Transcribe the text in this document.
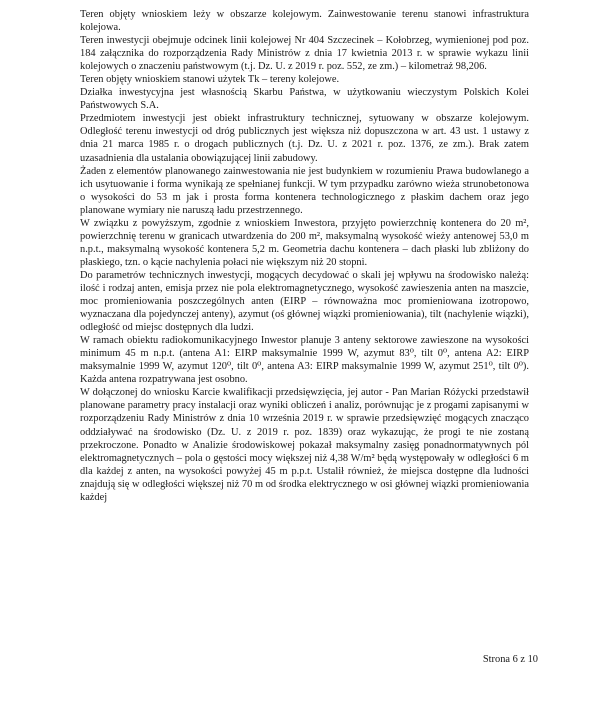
Teren objęty wnioskiem leży w obszarze kolejowym. Zainwestowanie terenu stanowi infrastruktura kolejowa.

Teren inwestycji obejmuje odcinek linii kolejowej Nr 404 Szczecinek – Kołobrzeg, wymienionej pod poz. 184 załącznika do rozporządzenia Rady Ministrów z dnia 17 kwietnia 2013 r. w sprawie wykazu linii kolejowych o znaczeniu państwowym (t.j. Dz. U. z 2019 r. poz. 552, ze zm.) – kilometraż 98,206.

Teren objęty wnioskiem stanowi użytek Tk – tereny kolejowe.

Działka inwestycyjna jest własnością Skarbu Państwa, w użytkowaniu wieczystym Polskich Kolei Państwowych S.A.

Przedmiotem inwestycji jest obiekt infrastruktury technicznej, sytuowany w obszarze kolejowym. Odległość terenu inwestycji od dróg publicznych jest większa niż dopuszczona w art. 43 ust. 1 ustawy z dnia 21 marca 1985 r. o drogach publicznych (t.j. Dz. U. z 2021 r. poz. 1376, ze zm.). Brak zatem uzasadnienia dla ustalania obowiązującej linii zabudowy.

Żaden z elementów planowanego zainwestowania nie jest budynkiem w rozumieniu Prawa budowlanego a ich usytuowanie i forma wynikają ze spełnianej funkcji. W tym przypadku zarówno wieża strunobetonowa o wysokości do 53 m jak i prosta forma kontenera technologicznego z płaskim dachem oraz jego planowane wymiary nie naruszą ładu przestrzennego.

W związku z powyższym, zgodnie z wnioskiem Inwestora, przyjęto powierzchnię kontenera do 20 m², powierzchnię terenu w granicach utwardzenia do 200 m², maksymalną wysokość wieży antenowej 53,0 m n.p.t., maksymalną wysokość kontenera 5,2 m. Geometria dachu kontenera – dach płaski lub zbliżony do płaskiego, tzn. o kącie nachylenia połaci nie większym niż 20 stopni.

Do parametrów technicznych inwestycji, mogących decydować o skali jej wpływu na środowisko należą: ilość i rodzaj anten, emisja przez nie pola elektromagnetycznego, wysokość zawieszenia anten na maszcie, moc promieniowania poszczególnych anten (EIRP – równoważna moc promieniowana izotropowo, wyznaczana dla pojedynczej anteny), azymut (oś głównej wiązki promieniowania), tilt (nachylenie wiązki), odległość od miejsc dostępnych dla ludzi.

W ramach obiektu radiokomunikacyjnego Inwestor planuje 3 anteny sektorowe zawieszone na wysokości minimum 45 m n.p.t. (antena A1: EIRP maksymalnie 1999 W, azymut 83⁰, tilt 0⁰, antena A2: EIRP maksymalnie 1999 W, azymut 120⁰, tilt 0⁰, antena A3: EIRP maksymalnie 1999 W, azymut 251⁰, tilt 0⁰). Każda antena rozpatrywana jest osobno.

W dołączonej do wniosku Karcie kwalifikacji przedsięwzięcia, jej autor - Pan Marian Różycki przedstawił planowane parametry pracy instalacji oraz wyniki obliczeń i analiz, porównując je z progami zapisanymi w rozporządzeniu Rady Ministrów z dnia 10 września 2019 r. w sprawie przedsięwzięć mogących znacząco oddziaływać na środowisko (Dz. U. z 2019 r. poz. 1839) oraz wykazując, że progi te nie zostaną przekroczone. Ponadto w Analizie środowiskowej pokazał maksymalny zasięg ponadnormatywnych pól elektromagnetycznych – pola o gęstości mocy większej niż 4,38 W/m² będą występowały w odległości 6 m dla każdej z anten, na wysokości powyżej 45 m p.p.t. Ustalił również, że miejsca dostępne dla ludności znajdują się w odległości większej niż 70 m od środka elektrycznego w osi głównej wiązki promieniowania każdej

Strona 6 z 10
